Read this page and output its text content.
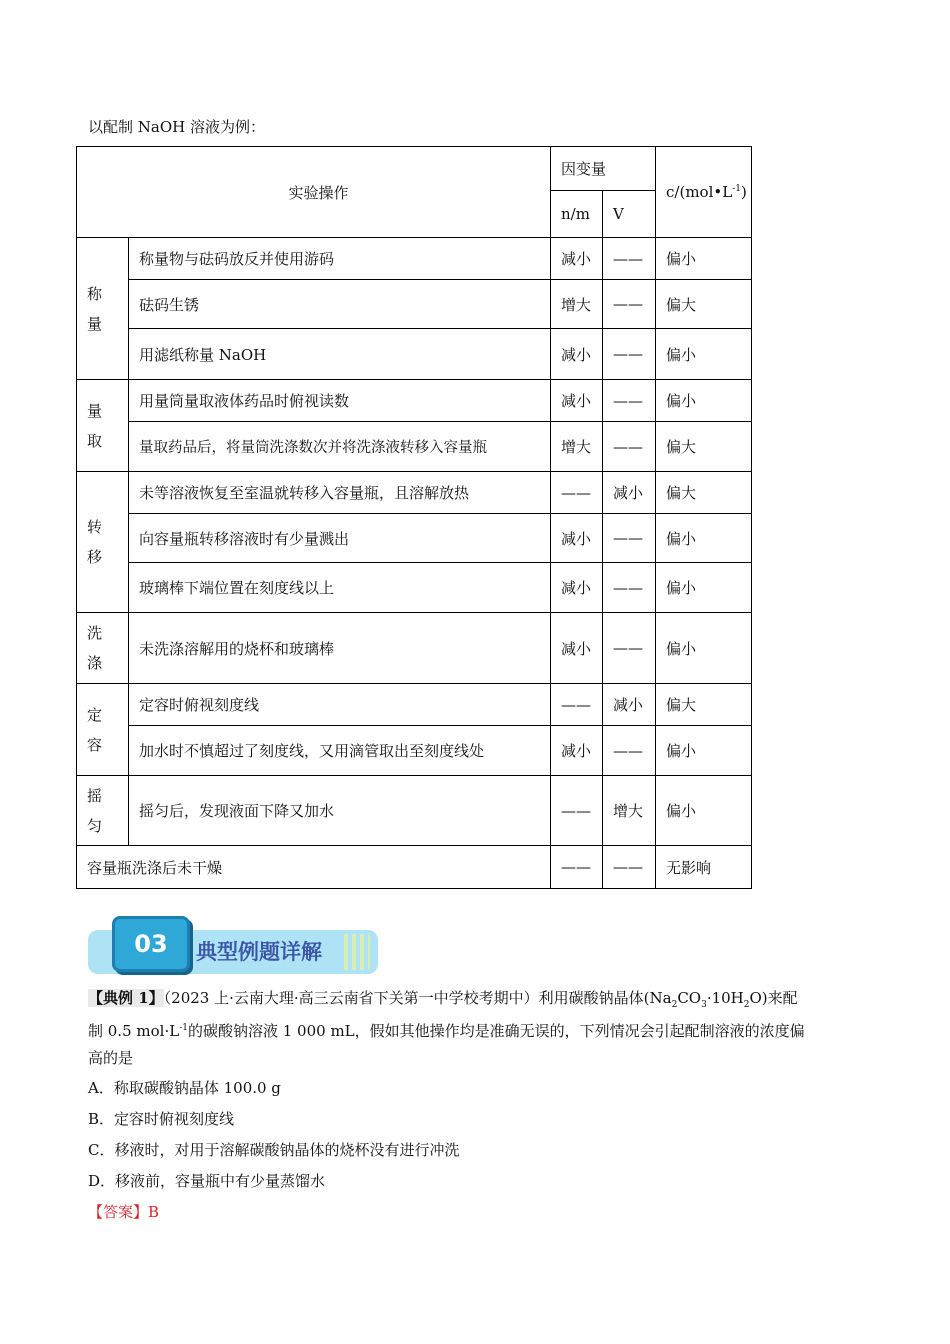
以配制 NaOH 溶液为例：
实验操作		因变量		$c/(mol•L^{-1})$
		n/m	V	
称
量	称量物与砝码放反并使用游码	减小	——	偏小
	砝码生锈	增大	——	偏大
	用滤纸称量 NaOH	减小	——	偏小
量
取	用量筒量取液体药品时俯视读数	减小	——	偏小
	量取药品后，将量筒洗涤数次并将洗涤液转移入容量瓶	增大	——	偏大
转
移	未等溶液恢复至室温就转移入容量瓶，且溶解放热	——	减小	偏大
	向容量瓶转移溶液时有少量溅出	减小	——	偏小
	玻璃棒下端位置在刻度线以上	减小	——	偏小
洗
涤	未洗涤溶解用的烧杯和玻璃棒	减小	——	偏小
定
容	定容时俯视刻度线	——	减小	偏大
	加水时不慎超过了刻度线，又用滴管取出至刻度线处	减小	——	偏小
摇
匀	摇匀后，发现液面下降又加水	——	增大	偏小
容量瓶洗涤后未干燥		——	——	无影响
03	典型例题详解
【典例 1】（2023 上·云南大理·高三云南省下关第一中学校考期中）利用碳酸钠晶体$(Na_2CO_3\cdot 10H_2O)$来配
制 0.5 $mol\cdot L^{-1}$的碳酸钠溶液 1 000 mL，假如其他操作均是准确无误的，下列情况会引起配制溶液的浓度偏
高的是
A．称取碳酸钠晶体 100.0 g
B．定容时俯视刻度线
C．移液时，对用于溶解碳酸钠晶体的烧杯没有进行冲洗
D．移液前，容量瓶中有少量蒸馏水
【答案】B
